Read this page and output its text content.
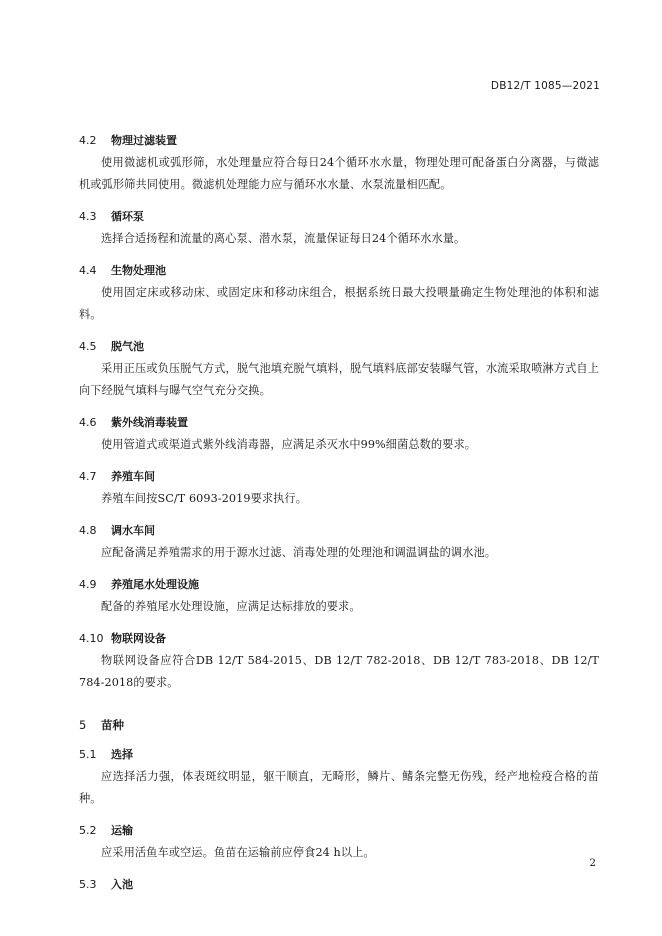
DB12/T 1085—2021
4.2 物理过滤装置

使用微滤机或弧形筛，水处理量应符合每日24个循环水水量，物理处理可配备蛋白分离器，与微滤机或弧形筛共同使用。微滤机处理能力应与循环水水量、水泵流量相匹配。

4.3 循环泵

选择合适扬程和流量的离心泵、潜水泵，流量保证每日24个循环水水量。

4.4 生物处理池

使用固定床或移动床、或固定床和移动床组合，根据系统日最大投喂量确定生物处理池的体积和滤料。

4.5 脱气池

采用正压或负压脱气方式，脱气池填充脱气填料，脱气填料底部安装曝气管，水流采取喷淋方式自上向下经脱气填料与曝气空气充分交换。

4.6 紫外线消毒装置

使用管道式或渠道式紫外线消毒器，应满足杀灭水中99%细菌总数的要求。

4.7 养殖车间

养殖车间按SC/T 6093-2019要求执行。

4.8 调水车间

应配备满足养殖需求的用于源水过滤、消毒处理的处理池和调温调盐的调水池。

4.9 养殖尾水处理设施

配备的养殖尾水处理设施，应满足达标排放的要求。

4.10 物联网设备

物联网设备应符合DB 12/T 584-2015、DB 12/T 782-2018、DB 12/T 783-2018、DB 12/T 784-2018的要求。

5 苗种
5.1 选择

应选择活力强，体表斑纹明显，躯干顺直，无畸形，鳞片、鳍条完整无伤残，经产地检疫合格的苗种。

5.2 运输

应采用活鱼车或空运。鱼苗在运输前应停食24 h以上。

5.3 入池
2
